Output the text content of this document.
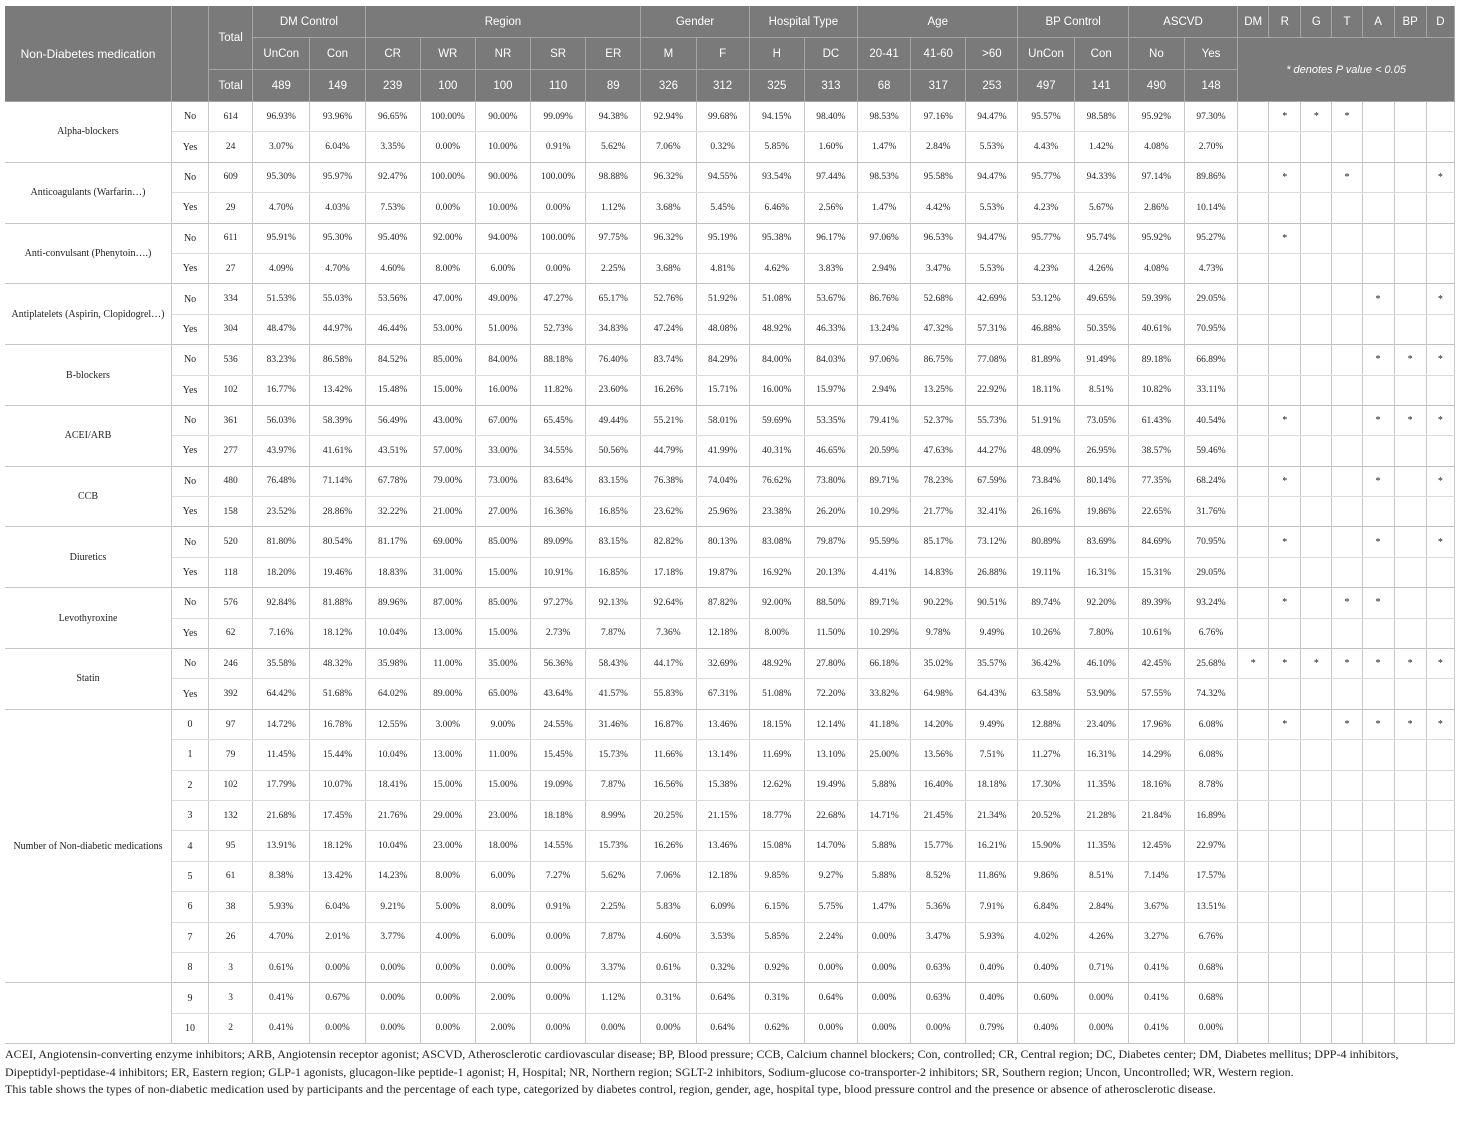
Non-Diabetes medication		Total	DM Control		Region					Gender		Hospital Type		Age			BP Control		ASCVD		DM	R	G	T	A	BP	D
			UnCon	Con	CR	WR	NR	SR	ER	M	F	H	DC	20-41	41-60	>60	UnCon	Con	No	Yes	* denotes P value < 0.05						
		Total	489	149	239	100	100	110	89	326	312	325	313	68	317	253	497	141	490	148							
Alpha-blockers	No	614	96.93%	93.96%	96.65%	100.00%	90.00%	99.09%	94.38%	92.94%	99.68%	94.15%	98.40%	98.53%	97.16%	94.47%	95.57%	98.58%	95.92%	97.30%		*	*	*			
	Yes	24	3.07%	6.04%	3.35%	0.00%	10.00%	0.91%	5.62%	7.06%	0.32%	5.85%	1.60%	1.47%	2.84%	5.53%	4.43%	1.42%	4.08%	2.70%							
Anticoagulants (Warfarin…)	No	609	95.30%	95.97%	92.47%	100.00%	90.00%	100.00%	98.88%	96.32%	94.55%	93.54%	97.44%	98.53%	95.58%	94.47%	95.77%	94.33%	97.14%	89.86%		*		*			*
	Yes	29	4.70%	4.03%	7.53%	0.00%	10.00%	0.00%	1.12%	3.68%	5.45%	6.46%	2.56%	1.47%	4.42%	5.53%	4.23%	5.67%	2.86%	10.14%							
Anti-convulsant (Phenytoin….)	No	611	95.91%	95.30%	95.40%	92.00%	94.00%	100.00%	97.75%	96.32%	95.19%	95.38%	96.17%	97.06%	96.53%	94.47%	95.77%	95.74%	95.92%	95.27%		*					
	Yes	27	4.09%	4.70%	4.60%	8.00%	6.00%	0.00%	2.25%	3.68%	4.81%	4.62%	3.83%	2.94%	3.47%	5.53%	4.23%	4.26%	4.08%	4.73%							
Antiplatelets (Aspirin, Clopidogrel…)	No	334	51.53%	55.03%	53.56%	47.00%	49.00%	47.27%	65.17%	52.76%	51.92%	51.08%	53.67%	86.76%	52.68%	42.69%	53.12%	49.65%	59.39%	29.05%					*		*
	Yes	304	48.47%	44.97%	46.44%	53.00%	51.00%	52.73%	34.83%	47.24%	48.08%	48.92%	46.33%	13.24%	47.32%	57.31%	46.88%	50.35%	40.61%	70.95%							
B-blockers	No	536	83.23%	86.58%	84.52%	85.00%	84.00%	88.18%	76.40%	83.74%	84.29%	84.00%	84.03%	97.06%	86.75%	77.08%	81.89%	91.49%	89.18%	66.89%					*	*	*
	Yes	102	16.77%	13.42%	15.48%	15.00%	16.00%	11.82%	23.60%	16.26%	15.71%	16.00%	15.97%	2.94%	13.25%	22.92%	18.11%	8.51%	10.82%	33.11%							
ACEI/ARB	No	361	56.03%	58.39%	56.49%	43.00%	67.00%	65.45%	49.44%	55.21%	58.01%	59.69%	53.35%	79.41%	52.37%	55.73%	51.91%	73.05%	61.43%	40.54%		*			*	*	*
	Yes	277	43.97%	41.61%	43.51%	57.00%	33.00%	34.55%	50.56%	44.79%	41.99%	40.31%	46.65%	20.59%	47.63%	44.27%	48.09%	26.95%	38.57%	59.46%							
CCB	No	480	76.48%	71.14%	67.78%	79.00%	73.00%	83.64%	83.15%	76.38%	74.04%	76.62%	73.80%	89.71%	78.23%	67.59%	73.84%	80.14%	77.35%	68.24%		*			*		*
	Yes	158	23.52%	28.86%	32.22%	21.00%	27.00%	16.36%	16.85%	23.62%	25.96%	23.38%	26.20%	10.29%	21.77%	32.41%	26.16%	19.86%	22.65%	31.76%							
Diuretics	No	520	81.80%	80.54%	81.17%	69.00%	85.00%	89.09%	83.15%	82.82%	80.13%	83.08%	79.87%	95.59%	85.17%	73.12%	80.89%	83.69%	84.69%	70.95%		*			*		*
	Yes	118	18.20%	19.46%	18.83%	31.00%	15.00%	10.91%	16.85%	17.18%	19.87%	16.92%	20.13%	4.41%	14.83%	26.88%	19.11%	16.31%	15.31%	29.05%							
Levothyroxine	No	576	92.84%	81.88%	89.96%	87.00%	85.00%	97.27%	92.13%	92.64%	87.82%	92.00%	88.50%	89.71%	90.22%	90.51%	89.74%	92.20%	89.39%	93.24%		*		*	*		
	Yes	62	7.16%	18.12%	10.04%	13.00%	15.00%	2.73%	7.87%	7.36%	12.18%	8.00%	11.50%	10.29%	9.78%	9.49%	10.26%	7.80%	10.61%	6.76%							
Statin	No	246	35.58%	48.32%	35.98%	11.00%	35.00%	56.36%	58.43%	44.17%	32.69%	48.92%	27.80%	66.18%	35.02%	35.57%	36.42%	46.10%	42.45%	25.68%	*	*	*	*	*	*	*
	Yes	392	64.42%	51.68%	64.02%	89.00%	65.00%	43.64%	41.57%	55.83%	67.31%	51.08%	72.20%	33.82%	64.98%	64.43%	63.58%	53.90%	57.55%	74.32%							
Number of Non-diabetic medications	0	97	14.72%	16.78%	12.55%	3.00%	9.00%	24.55%	31.46%	16.87%	13.46%	18.15%	12.14%	41.18%	14.20%	9.49%	12.88%	23.40%	17.96%	6.08%		*		*	*	*	*
	1	79	11.45%	15.44%	10.04%	13.00%	11.00%	15.45%	15.73%	11.66%	13.14%	11.69%	13.10%	25.00%	13.56%	7.51%	11.27%	16.31%	14.29%	6.08%							
	2	102	17.79%	10.07%	18.41%	15.00%	15.00%	19.09%	7.87%	16.56%	15.38%	12.62%	19.49%	5.88%	16.40%	18.18%	17.30%	11.35%	18.16%	8.78%							
	3	132	21.68%	17.45%	21.76%	29.00%	23.00%	18.18%	8.99%	20.25%	21.15%	18.77%	22.68%	14.71%	21.45%	21.34%	20.52%	21.28%	21.84%	16.89%							
	4	95	13.91%	18.12%	10.04%	23.00%	18.00%	14.55%	15.73%	16.26%	13.46%	15.08%	14.70%	5.88%	15.77%	16.21%	15.90%	11.35%	12.45%	22.97%							
	5	61	8.38%	13.42%	14.23%	8.00%	6.00%	7.27%	5.62%	7.06%	12.18%	9.85%	9.27%	5.88%	8.52%	11.86%	9.86%	8.51%	7.14%	17.57%							
	6	38	5.93%	6.04%	9.21%	5.00%	8.00%	0.91%	2.25%	5.83%	6.09%	6.15%	5.75%	1.47%	5.36%	7.91%	6.84%	2.84%	3.67%	13.51%							
	7	26	4.70%	2.01%	3.77%	4.00%	6.00%	0.00%	7.87%	4.60%	3.53%	5.85%	2.24%	0.00%	3.47%	5.93%	4.02%	4.26%	3.27%	6.76%							
	8	3	0.61%	0.00%	0.00%	0.00%	0.00%	0.00%	3.37%	0.61%	0.32%	0.92%	0.00%	0.00%	0.63%	0.40%	0.40%	0.71%	0.41%	0.68%							
	9	3	0.41%	0.67%	0.00%	0.00%	2.00%	0.00%	1.12%	0.31%	0.64%	0.31%	0.64%	0.00%	0.63%	0.40%	0.60%	0.00%	0.41%	0.68%							
	10	2	0.41%	0.00%	0.00%	0.00%	2.00%	0.00%	0.00%	0.00%	0.64%	0.62%	0.00%	0.00%	0.00%	0.79%	0.40%	0.00%	0.41%	0.00%							

ACEI, Angiotensin-converting enzyme inhibitors; ARB, Angiotensin receptor agonist; ASCVD, Atherosclerotic cardiovascular disease; BP, Blood pressure; CCB, Calcium channel blockers; Con, controlled; CR, Central region; DC, Diabetes center; DM, Diabetes mellitus; DPP-4 inhibitors, Dipeptidyl-peptidase-4 inhibitors; ER, Eastern region; GLP-1 agonists, glucagon-like peptide-1 agonist; H, Hospital; NR, Northern region; SGLT-2 inhibitors, Sodium-glucose co-transporter-2 inhibitors; SR, Southern region; Uncon, Uncontrolled; WR, Western region.

This table shows the types of non-diabetic medication used by participants and the percentage of each type, categorized by diabetes control, region, gender, age, hospital type, blood pressure control and the presence or absence of atherosclerotic disease.
